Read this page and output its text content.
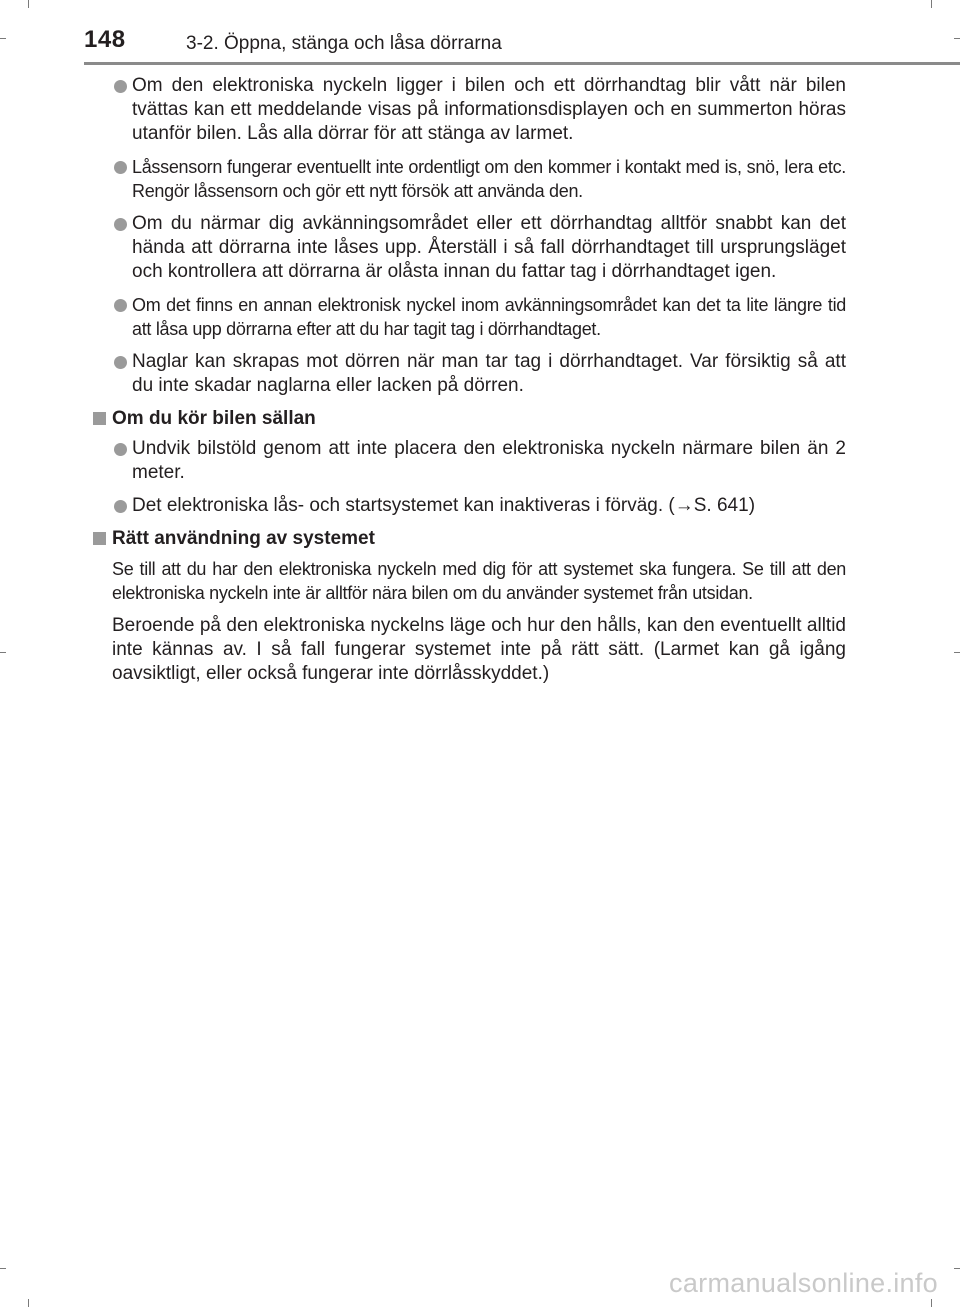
148	3-2. Öppna, stänga och låsa dörrarna
Om den elektroniska nyckeln ligger i bilen och ett dörrhandtag blir vått när bilen tvättas kan ett meddelande visas på informationsdisplayen och en summerton höras utanför bilen. Lås alla dörrar för att stänga av larmet.
Låssensorn fungerar eventuellt inte ordentligt om den kommer i kontakt med is, snö, lera etc. Rengör låssensorn och gör ett nytt försök att använda den.
Om du närmar dig avkänningsområdet eller ett dörrhandtag alltför snabbt kan det hända att dörrarna inte låses upp. Återställ i så fall dörrhandtaget till ursprungsläget och kontrollera att dörrarna är olåsta innan du fattar tag i dörrhandtaget igen.
Om det finns en annan elektronisk nyckel inom avkänningsområdet kan det ta lite längre tid att låsa upp dörrarna efter att du har tagit tag i dörrhandtaget.
Naglar kan skrapas mot dörren när man tar tag i dörrhandtaget. Var försiktig så att du inte skadar naglarna eller lacken på dörren.
Om du kör bilen sällan
Undvik bilstöld genom att inte placera den elektroniska nyckeln närmare bilen än 2 meter.
Det elektroniska lås- och startsystemet kan inaktiveras i förväg. (→S. 641)
Rätt användning av systemet

Se till att du har den elektroniska nyckeln med dig för att systemet ska fungera. Se till att den elektroniska nyckeln inte är alltför nära bilen om du använder systemet från utsidan.

Beroende på den elektroniska nyckelns läge och hur den hålls, kan den eventuellt alltid inte kännas av. I så fall fungerar systemet inte på rätt sätt. (Larmet kan gå igång oavsiktligt, eller också fungerar inte dörrlåsskyddet.)

carmanualsonline.info
